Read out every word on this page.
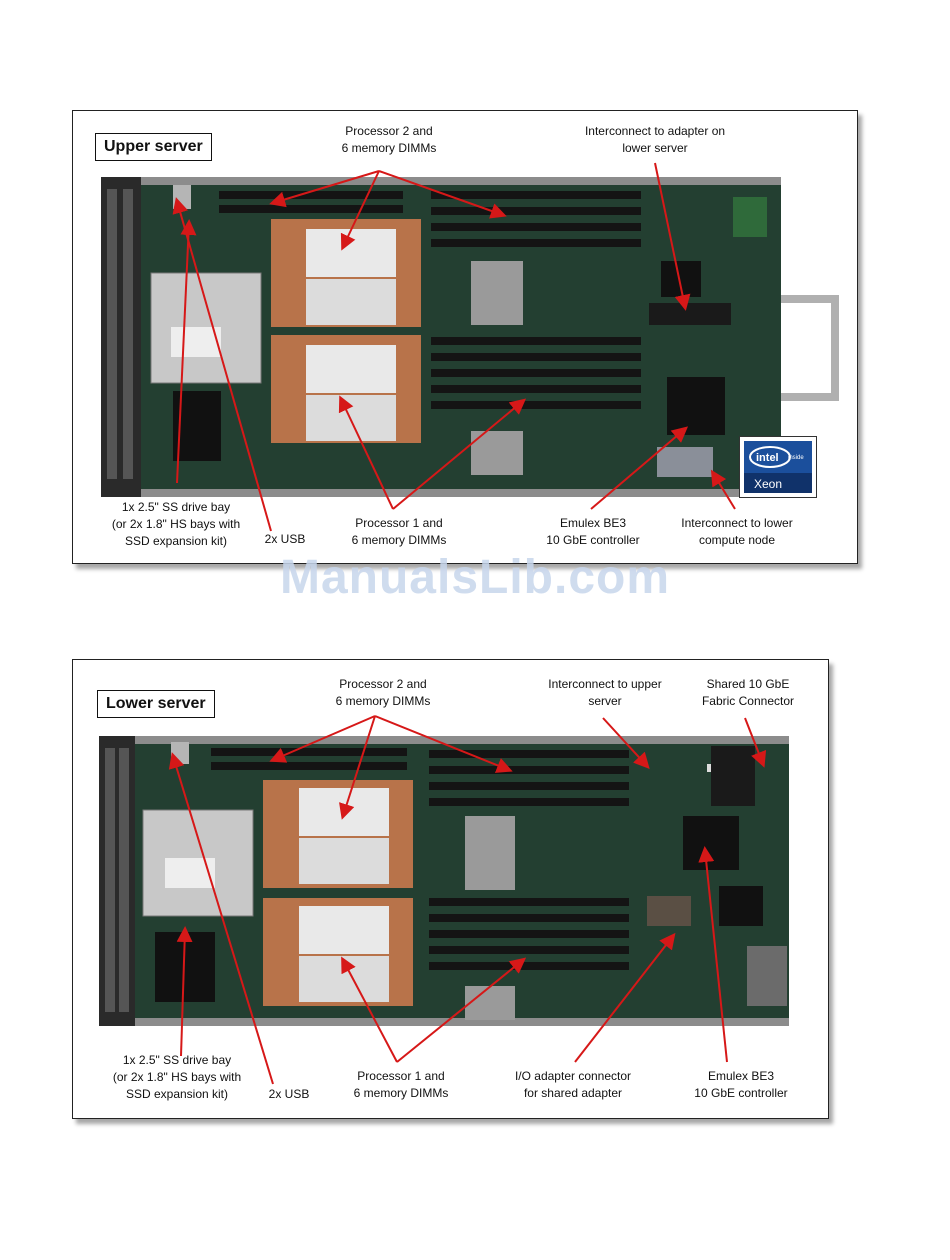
Upper server
intel inside
Xeon
Processor 2 and
6 memory DIMMs
Interconnect to adapter on
lower server
1x 2.5" SS drive bay
(or 2x 1.8" HS bays with
SSD expansion kit)	2x USB
Processor 1 and
6 memory DIMMs
Emulex BE3
10 GbE controller
Interconnect to lower
compute node
ManualsLib.com
Lower server
Processor 2 and
6 memory DIMMs
Interconnect to upper
server
Shared 10 GbE
Fabric Connector
1x 2.5" SS drive bay
(or 2x 1.8" HS bays with
SSD expansion kit)	2x USB
Processor 1 and
6 memory DIMMs
I/O adapter connector
for shared adapter
Emulex BE3
10 GbE controller
